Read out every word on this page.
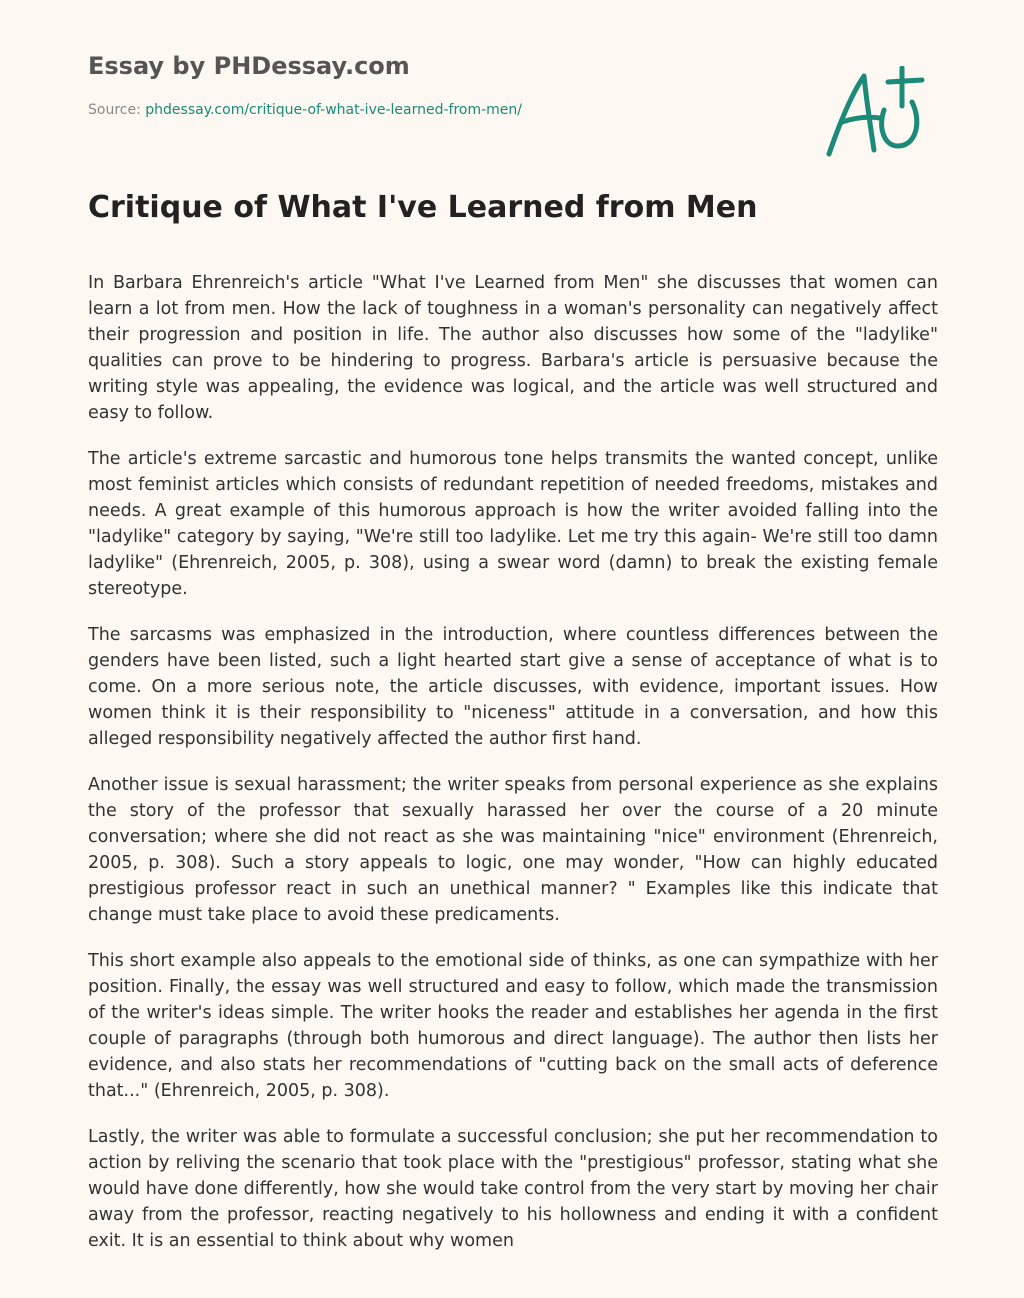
Essay by PHDessay.com
Source: phdessay.com/critique-of-what-ive-learned-from-men/
Critique of What I've Learned from Men

In Barbara Ehrenreich's article "What I've Learned from Men" she discusses that women can learn a lot from men. How the lack of toughness in a woman's personality can negatively affect their progression and position in life. The author also discusses how some of the "ladylike" qualities can prove to be hindering to progress. Barbara's article is persuasive because the writing style was appealing, the evidence was logical, and the article was well structured and easy to follow.

The article's extreme sarcastic and humorous tone helps transmits the wanted concept, unlike most feminist articles which consists of redundant repetition of needed freedoms, mistakes and needs. A great example of this humorous approach is how the writer avoided falling into the "ladylike" category by saying, "We're still too ladylike. Let me try this again- We're still too damn ladylike" (Ehrenreich, 2005, p. 308), using a swear word (damn) to break the existing female stereotype.

The sarcasms was emphasized in the introduction, where countless differences between the genders have been listed, such a light hearted start give a sense of acceptance of what is to come. On a more serious note, the article discusses, with evidence, important issues. How women think it is their responsibility to "niceness" attitude in a conversation, and how this alleged responsibility negatively affected the author first hand.

Another issue is sexual harassment; the writer speaks from personal experience as she explains the story of the professor that sexually harassed her over the course of a 20 minute conversation; where she did not react as she was maintaining "nice" environment (Ehrenreich, 2005, p. 308). Such a story appeals to logic, one may wonder, "How can highly educated prestigious professor react in such an unethical manner? " Examples like this indicate that change must take place to avoid these predicaments.

This short example also appeals to the emotional side of thinks, as one can sympathize with her position. Finally, the essay was well structured and easy to follow, which made the transmission of the writer's ideas simple. The writer hooks the reader and establishes her agenda in the first couple of paragraphs (through both humorous and direct language). The author then lists her evidence, and also stats her recommendations of "cutting back on the small acts of deference that..." (Ehrenreich, 2005, p. 308).

Lastly, the writer was able to formulate a successful conclusion; she put her recommendation to action by reliving the scenario that took place with the "prestigious" professor, stating what she would have done differently, how she would take control from the very start by moving her chair away from the professor, reacting negatively to his hollowness and ending it with a confident exit. It is an essential to think about why women
